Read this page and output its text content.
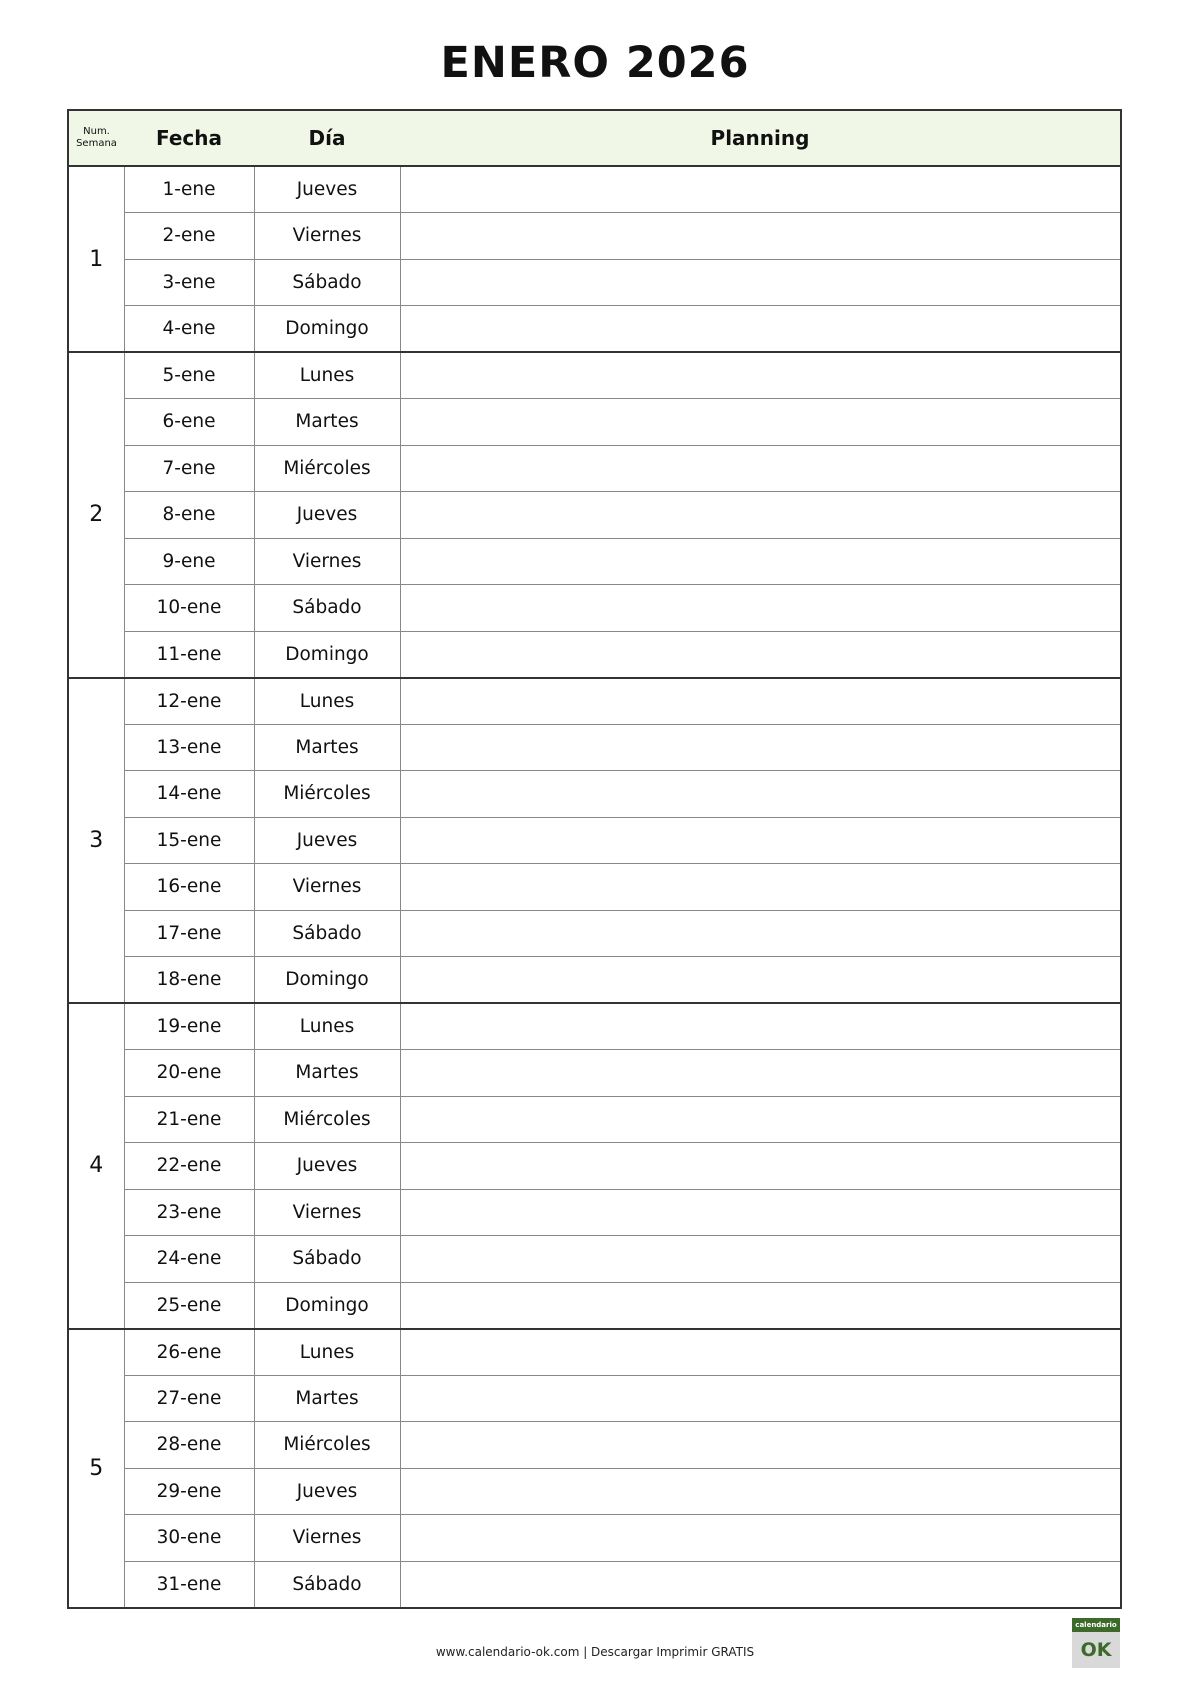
ENERO 2026
Num.
Semana	Fecha	Día	Planning
1	1-ene	Jueves	
	2-ene	Viernes	
	3-ene	Sábado	
	4-ene	Domingo	
2	5-ene	Lunes	
	6-ene	Martes	
	7-ene	Miércoles	
	8-ene	Jueves	
	9-ene	Viernes	
	10-ene	Sábado	
	11-ene	Domingo	
3	12-ene	Lunes	
	13-ene	Martes	
	14-ene	Miércoles	
	15-ene	Jueves	
	16-ene	Viernes	
	17-ene	Sábado	
	18-ene	Domingo	
4	19-ene	Lunes	
	20-ene	Martes	
	21-ene	Miércoles	
	22-ene	Jueves	
	23-ene	Viernes	
	24-ene	Sábado	
	25-ene	Domingo	
5	26-ene	Lunes	
	27-ene	Martes	
	28-ene	Miércoles	
	29-ene	Jueves	
	30-ene	Viernes	
	31-ene	Sábado	
www.calendario-ok.com | Descargar Imprimir GRATIS
calendario
OK
